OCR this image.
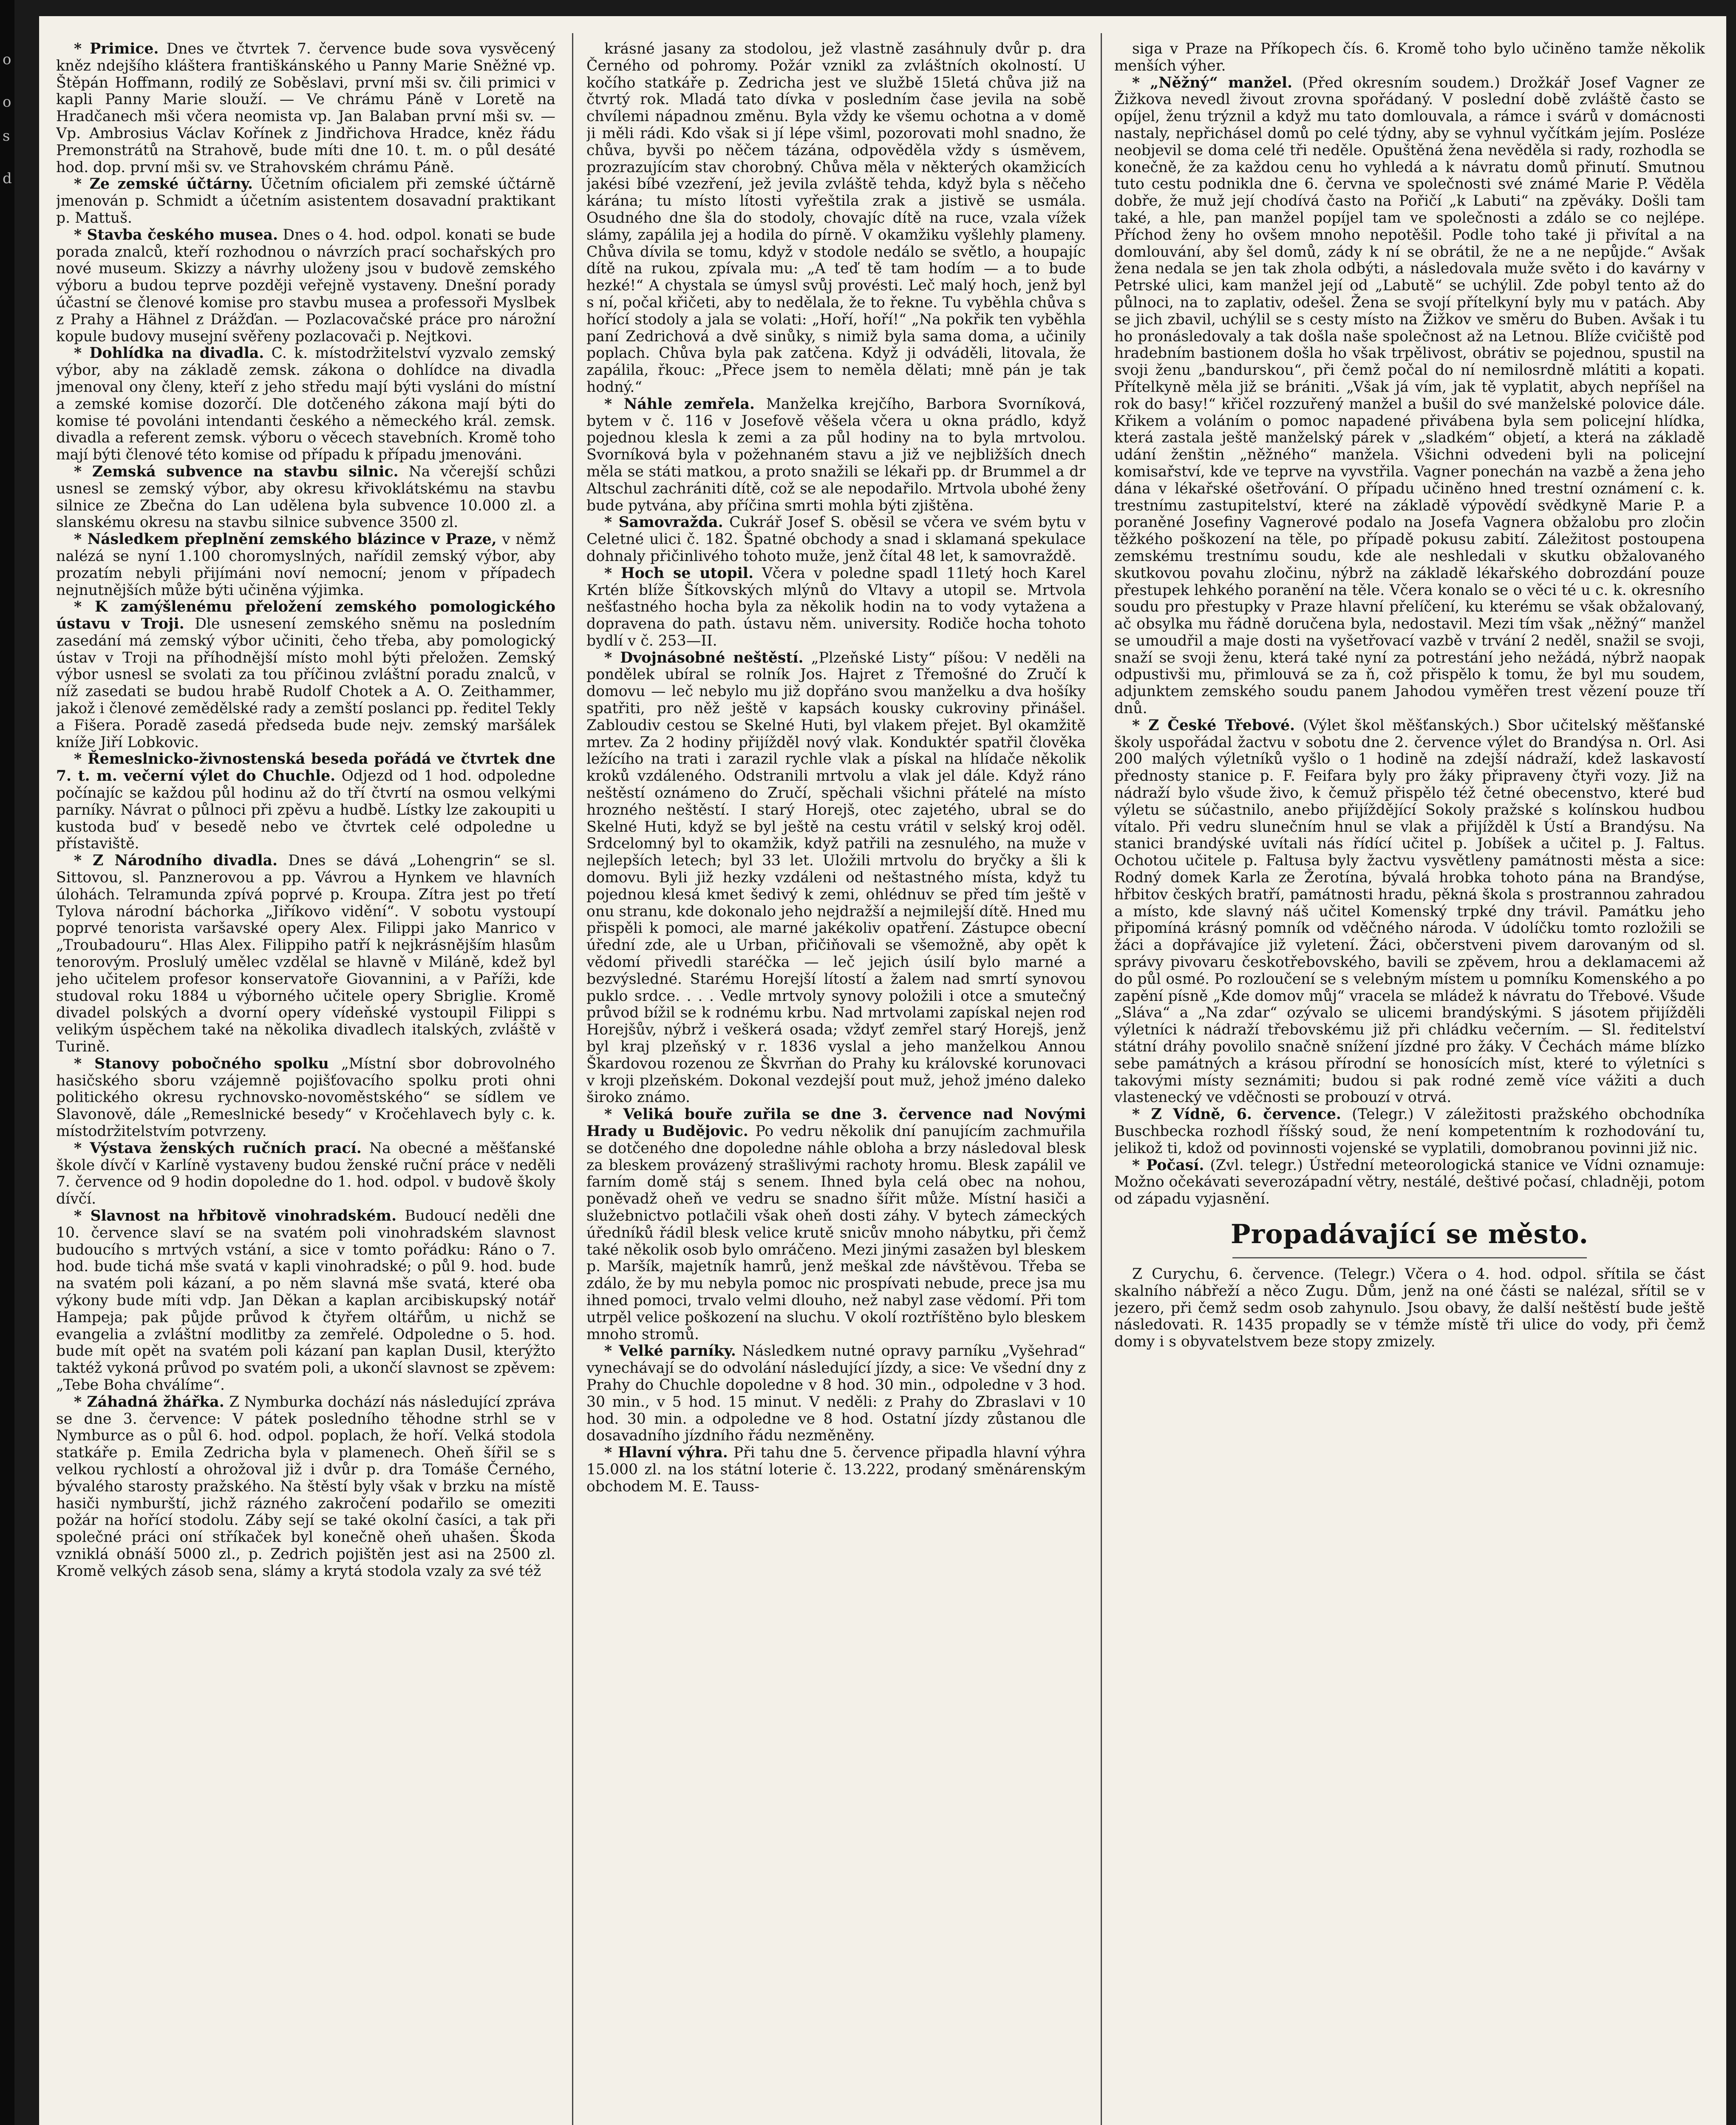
o
o
s
d

* Primice. Dnes ve čtvrtek 7. července bude sova vysvěcený kněz ndejšího kláštera františkánského u Panny Marie Sněžné vp. Štěpán Hoffmann, rodilý ze Soběslavi, první mši sv. čili primici v kapli Panny Marie slouží. — Ve chrámu Páně v Loretě na Hradčanech mši včera neomista vp. Jan Balaban první mši sv. — Vp. Ambrosius Václav Kořínek z Jindřichova Hradce, kněz řádu Premonstrátů na Strahově, bude míti dne 10. t. m. o půl desáté hod. dop. první mši sv. ve Strahovském chrámu Páně.

* Ze zemské účtárny. Účetním oficialem při zemské účtárně jmenován p. Schmidt a účetním asistentem dosavadní praktikant p. Mattuš.

* Stavba českého musea. Dnes o 4. hod. odpol. konati se bude porada znalců, kteří rozhodnou o návrzích prací sochařských pro nové museum. Skizzy a návrhy uloženy jsou v budově zemského výboru a budou teprve později veřejně vystaveny. Dnešní porady účastní se členové komise pro stavbu musea a professoři Myslbek z Prahy a Hähnel z Drážďan. — Pozlacovačské práce pro nárožní kopule budovy musejní svěřeny pozlacovači p. Nejtkovi.

* Dohlídka na divadla. C. k. místodržitelství vyzvalo zemský výbor, aby na základě zemsk. zákona o dohlídce na divadla jmenoval ony členy, kteří z jeho středu mají býti vysláni do místní a zemské komise dozorčí. Dle dotčeného zákona mají býti do komise té povoláni intendanti českého a německého král. zemsk. divadla a referent zemsk. výboru o věcech stavebních. Kromě toho mají býti členové této komise od případu k případu jmenováni.

* Zemská subvence na stavbu silnic. Na včerejší schůzi usnesl se zemský výbor, aby okresu křivoklátskému na stavbu silnice ze Zbečna do Lan udělena byla subvence 10.000 zl. a slanskému okresu na stavbu silnice subvence 3500 zl.

* Následkem přeplnění zemského blázince v Praze, v němž nalézá se nyní 1.100 choromyslných, nařídil zemský výbor, aby prozatím nebyli přijímáni noví nemocní; jenom v případech nejnutnějších může býti učiněna výjimka.

* K zamýšlenému přeložení zemského pomologického ústavu v Troji. Dle usnesení zemského sněmu na posledním zasedání má zemský výbor učiniti, čeho třeba, aby pomologický ústav v Troji na příhodnější místo mohl býti přeložen. Zemský výbor usnesl se svolati za tou příčinou zvláštní poradu znalců, v níž zasedati se budou hrabě Rudolf Chotek a A. O. Zeithammer, jakož i členové zemědělské rady a zemští poslanci pp. ředitel Tekly a Fišera. Poradě zasedá předseda bude nejv. zemský maršálek kníže Jiří Lobkovic.

* Řemeslnicko-živnostenská beseda pořádá ve čtvrtek dne 7. t. m. večerní výlet do Chuchle. Odjezd od 1 hod. odpoledne počínajíc se každou půl hodinu až do tří čtvrtí na osmou velkými parníky. Návrat o půlnoci při zpěvu a hudbě. Lístky lze zakoupiti u kustoda buď v besedě nebo ve čtvrtek celé odpoledne u přístaviště.

* Z Národního divadla. Dnes se dává „Lohengrin“ se sl. Sittovou, sl. Panznerovou a pp. Vávrou a Hynkem ve hlavních úlohách. Telramunda zpívá poprvé p. Kroupa. Zítra jest po třetí Tylova národní báchorka „Jiříkovo vidění“. V sobotu vystoupí poprvé tenorista varšavské opery Alex. Filippi jako Manrico v „Troubadouru“. Hlas Alex. Filippiho patří k nejkrásnějším hlasům tenorovým. Proslulý umělec vzdělal se hlavně v Miláně, kdež byl jeho učitelem profesor konservatoře Giovannini, a v Paříži, kde studoval roku 1884 u výborného učitele opery Sbriglie. Kromě divadel polských a dvorní opery vídeňské vystoupil Filippi s velikým úspěchem také na několika divadlech italských, zvláště v Turině.

* Stanovy pobočného spolku „Místní sbor dobrovolného hasičského sboru vzájemně pojišťovacího spolku proti ohni politického okresu rychnovsko-novoměstského“ se sídlem ve Slavonově, dále „Remeslnické besedy“ v Kročehlavech byly c. k. místodržitelstvím potvrzeny.

* Výstava ženských ručních prací. Na obecné a měšťanské škole dívčí v Karlíně vystaveny budou ženské ruční práce v neděli 7. července od 9 hodin dopoledne do 1. hod. odpol. v budově školy dívčí.

* Slavnost na hřbitově vinohradském. Budoucí neděli dne 10. července slaví se na svatém poli vinohradském slavnost budoucího s mrtvých vstání, a sice v tomto pořádku: Ráno o 7. hod. bude tichá mše svatá v kapli vinohradské; o půl 9. hod. bude na svatém poli kázaní, a po něm slavná mše svatá, které oba výkony bude míti vdp. Jan Děkan a kaplan arcibiskupský notář Hampeja; pak půjde průvod k čtyřem oltářům, u nichž se evangelia a zvláštní modlitby za zemřelé. Odpoledne o 5. hod. bude mít opět na svatém poli kázaní pan kaplan Dusil, kterýžto taktéž vykoná průvod po svatém poli, a ukončí slavnost se zpěvem: „Tebe Boha chválíme“.

* Záhadná žhářka. Z Nymburka dochází nás následující zpráva se dne 3. července: V pátek posledního těhodne strhl se v Nymburce as o půl 6. hod. odpol. poplach, že hoří. Velká stodola statkáře p. Emila Zedricha byla v plamenech. Oheň šířil se s velkou rychlostí a ohrožoval již i dvůr p. dra Tomáše Černého, bývalého starosty pražského. Na štěstí byly však v brzku na místě hasiči nymburští, jichž rázného zakročení podařilo se omeziti požár na hořící stodolu. Záby sejí se také okolní časíci, a tak při společné práci oní stříkaček byl konečně oheň uhašen. Škoda vzniklá obnáší 5000 zl., p. Zedrich pojištěn jest asi na 2500 zl. Kromě velkých zásob sena, slámy a krytá stodola vzaly za své též

krásné jasany za stodolou, jež vlastně zasáhnuly dvůr p. dra Černého od pohromy. Požár vznikl za zvláštních okolností. U kočího statkáře p. Zedricha jest ve službě 15letá chůva již na čtvrtý rok. Mladá tato dívka v posledním čase jevila na sobě chvílemi nápadnou změnu. Byla vždy ke všemu ochotna a v domě ji měli rádi. Kdo však si jí lépe všiml, pozorovati mohl snadno, že chůva, byvši po něčem tázána, odpověděla vždy s úsměvem, prozrazujícím stav chorobný. Chůva měla v některých okamžicích jakési bíbé vzezření, jež jevila zvláště tehda, když byla s něčeho kárána; tu místo lítosti vyřeštila zrak a jistivě se usmála. Osudného dne šla do stodoly, chovajíc dítě na ruce, vzala vížek slámy, zapálila jej a hodila do pírně. V okamžiku vyšlehly plameny. Chůva dívila se tomu, když v stodole nedálo se světlo, a houpajíc dítě na rukou, zpívala mu: „A teď tě tam hodím — a to bude hezké!“ A chystala se úmysl svůj provésti. Leč malý hoch, jenž byl s ní, počal křičeti, aby to nedělala, že to řekne. Tu vyběhla chůva s hořící stodoly a jala se volati: „Hoří, hoří!“ „Na pokřik ten vyběhla paní Zedrichová a dvě sinůky, s nimiž byla sama doma, a učinily poplach. Chůva byla pak zatčena. Když ji odváděli, litovala, že zapálila, řkouc: „Přece jsem to neměla dělati; mně pán je tak hodný.“

* Náhle zemřela. Manželka krejčího, Barbora Svorníková, bytem v č. 116 v Josefově věšela včera u okna prádlo, když pojednou klesla k zemi a za půl hodiny na to byla mrtvolou. Svorníková byla v požehnaném stavu a již ve nejbližších dnech měla se státi matkou, a proto snažili se lékaři pp. dr Brummel a dr Altschul zachrániti dítě, což se ale nepodařilo. Mrtvola ubohé ženy bude pytvána, aby příčina smrti mohla býti zjištěna.

* Samovražda. Cukrář Josef S. oběsil se včera ve svém bytu v Celetné ulici č. 182. Špatné obchody a snad i sklamaná spekulace dohnaly přičinlivého tohoto muže, jenž čítal 48 let, k samovraždě.

* Hoch se utopil. Včera v poledne spadl 11letý hoch Karel Krtén blíže Šítkovských mlýnů do Vltavy a utopil se. Mrtvola nešťastného hocha byla za několik hodin na to vody vytažena a dopravena do path. ústavu něm. university. Rodiče hocha tohoto bydlí v č. 253—II.

* Dvojnásobné neštěstí. „Plzeňské Listy“ píšou: V neděli na pondělek ubíral se rolník Jos. Hajret z Třemošné do Zručí k domovu — leč nebylo mu již dopřáno svou manželku a dva hošíky spatřiti, pro něž ještě v kapsách kousky cukroviny přinášel. Zabloudiv cestou se Skelné Huti, byl vlakem přejet. Byl okamžitě mrtev. Za 2 hodiny přijížděl nový vlak. Konduktér spatřil člověka ležícího na trati i zarazil rychle vlak a pískal na hlídače několik kroků vzdáleného. Odstranili mrtvolu a vlak jel dále. Když ráno neštěstí oznámeno do Zručí, spěchali všichni přátelé na místo hrozného neštěstí. I starý Horejš, otec zajetého, ubral se do Skelné Huti, když se byl ještě na cestu vrátil v selský kroj oděl. Srdcelomný byl to okamžik, když patřili na zesnulého, na muže v nejlepších letech; byl 33 let. Uložili mrtvolu do bryčky a šli k domovu. Byli již hezky vzdáleni od neštastného místa, když tu pojednou klesá kmet šedivý k zemi, ohlédnuv se před tím ještě v onu stranu, kde dokonalo jeho nejdražší a nejmilejší dítě. Hned mu přispěli k pomoci, ale marné jakékoliv opatření. Zástupce obecní úřední zde, ale u Urban, přičiňovali se všemožně, aby opět k vědomí přivedli staréčka — leč jejich úsilí bylo marné a bezvýsledné. Starému Horejší lítostí a žalem nad smrtí synovou puklo srdce. . . . Vedle mrtvoly synovy položili i otce a smutečný průvod bížil se k rodnému krbu. Nad mrtvolami zapískal nejen rod Horejšův, nýbrž i veškerá osada; vždyť zemřel starý Horejš, jenž byl kraj plzeňský v r. 1836 vyslal a jeho manželkou Annou Škardovou rozenou ze Škvrňan do Prahy ku královské korunovaci v kroji plzeňském. Dokonal vezdejší pout muž, jehož jméno daleko široko známo.

* Veliká bouře zuřila se dne 3. července nad Novými Hrady u Budějovic. Po vedru několik dní panujícím zachmuřila se dotčeného dne dopoledne náhle obloha a brzy následoval blesk za bleskem provázený strašlivými rachoty hromu. Blesk zapálil ve farním domě stáj s senem. Ihned byla celá obec na nohou, poněvadž oheň ve vedru se snadno šířit může. Místní hasiči a služebnictvo potlačili však oheň dosti záhy. V bytech zámeckých úředníků řádil blesk velice krutě snicův mnoho nábytku, při čemž také několik osob bylo omráčeno. Mezi jinými zasažen byl bleskem p. Maršík, majetník hamrů, jenž meškal zde návštěvou. Třeba se zdálo, že by mu nebyla pomoc nic prospívati nebude, prece jsa mu ihned pomoci, trvalo velmi dlouho, než nabyl zase vědomí. Při tom utrpěl velice poškození na sluchu. V okolí roztříštěno bylo bleskem mnoho stromů.

* Velké parníky. Následkem nutné opravy parníku „Vyšehrad“ vynechávají se do odvolání následující jízdy, a sice: Ve všední dny z Prahy do Chuchle dopoledne v 8 hod. 30 min., odpoledne v 3 hod. 30 min., v 5 hod. 15 minut. V neděli: z Prahy do Zbraslavi v 10 hod. 30 min. a odpoledne ve 8 hod. Ostatní jízdy zůstanou dle dosavadního jízdního řádu nezměněny.

* Hlavní výhra. Při tahu dne 5. července připadla hlavní výhra 15.000 zl. na los státní loterie č. 13.222, prodaný směnárenským obchodem M. E. Tauss-

siga v Praze na Příkopech čís. 6. Kromě toho bylo učiněno tamže několik menších výher.

* „Něžný“ manžel. (Před okresním soudem.) Drožkář Josef Vagner ze Žižkova nevedl živout zrovna spořádaný. V poslední době zvláště často se opíjel, ženu trýznil a když mu tato domlouvala, a rámce i svárů v domácnosti nastaly, nepřichásel domů po celé týdny, aby se vyhnul vyčítkám jejím. Posléze neobjevil se doma celé tři neděle. Opuštěná žena nevěděla si rady, rozhodla se konečně, že za každou cenu ho vyhledá a k návratu domů přinutí. Smutnou tuto cestu podnikla dne 6. června ve společnosti své známé Marie P. Věděla dobře, že muž její chodívá často na Pořičí „k Labuti“ na zpěváky. Došli tam také, a hle, pan manžel popíjel tam ve společnosti a zdálo se co nejlépe. Příchod ženy ho ovšem mnoho nepotěšil. Podle toho také ji přivítal a na domlouvání, aby šel domů, zády k ní se obrátil, že ne a ne nepůjde.“ Avšak žena nedala se jen tak zhola odbýti, a následovala muže světo i do kavárny v Petrské ulici, kam manžel její od „Labutě“ se uchýlil. Zde pobyl tento až do půlnoci, na to zaplativ, odešel. Žena se svojí přítelkyní byly mu v patách. Aby se jich zbavil, uchýlil se s cesty místo na Žižkov ve směru do Buben. Avšak i tu ho pronásledovaly a tak došla naše společnost až na Letnou. Blíže cvičiště pod hradebním bastionem došla ho však trpělivost, obrátiv se pojednou, spustil na svoji ženu „bandurskou“, při čemž počal do ní nemilosrdně mlátiti a kopati. Přítelkyně měla již se brániti. „Však já vím, jak tě vyplatit, abych nepříšel na rok do basy!“ křičel rozzuřený manžel a bušil do své manželské polovice dále. Křikem a voláním o pomoc napadené přivábena byla sem policejní hlídka, která zastala ještě manželský párek v „sladkém“ objetí, a která na základě udání ženštin „něžného“ manžela. Všichni odvedeni byli na policejní komisařství, kde ve teprve na vyvstřila. Vagner ponechán na vazbě a žena jeho dána v lékařské ošetřování. O případu učiněno hned trestní oznámení c. k. trestnímu zastupitelství, které na základě výpovědí svědkyně Marie P. a poraněné Josefiny Vagnerové podalo na Josefa Vagnera obžalobu pro zločin těžkého poškození na těle, po případě pokusu zabití. Záležitost postoupena zemskému trestnímu soudu, kde ale neshledali v skutku obžalovaného skutkovou povahu zločinu, nýbrž na základě lékařského dobrozdání pouze přestupek lehkého poranění na těle. Včera konalo se o věci té u c. k. okresního soudu pro přestupky v Praze hlavní přelíčení, ku kterému se však obžalovaný, ač obsylka mu řádně doručena byla, nedostavil. Mezi tím však „něžný“ manžel se umoudřil a maje dosti na vyšetřovací vazbě v trvání 2 neděl, snažil se svoji, snaží se svoji ženu, která také nyní za potrestání jeho nežádá, nýbrž naopak odpustivši mu, přimlouvá se za ň, což přispělo k tomu, že byl mu soudem, adjunktem zemského soudu panem Jahodou vyměřen trest vězení pouze tří dnů.

* Z České Třebové. (Výlet škol měšťanských.) Sbor učitelský měšťanské školy uspořádal žactvu v sobotu dne 2. července výlet do Brandýsa n. Orl. Asi 200 malých výletníků vyšlo o 1 hodině na zdejší nádraží, kdež laskavostí přednosty stanice p. F. Feifara byly pro žáky připraveny čtyři vozy. Již na nádraží bylo všude živo, k čemuž přispělo též četné obecenstvo, které bud výletu se súčastnilo, anebo přijíždějící Sokoly pražské s kolínskou hudbou vítalo. Při vedru slunečním hnul se vlak a přijížděl k Ústí a Brandýsu. Na stanici brandýské uvítali nás řídící učitel p. Jobíšek a učitel p. J. Faltus. Ochotou učitele p. Faltusa byly žactvu vysvětleny památnosti města a sice: Rodný domek Karla ze Žerotína, bývalá hrobka tohoto pána na Brandýse, hřbitov českých bratří, památnosti hradu, pěkná škola s prostrannou zahradou a místo, kde slavný náš učitel Komenský trpké dny trávil. Památku jeho připomíná krásný pomník od vděčného národa. V údolíčku tomto rozložili se žáci a dopřávajíce již vyletení. Žáci, občerstveni pivem darovaným od sl. správy pivovaru českotřebovského, bavili se zpěvem, hrou a deklamacemi až do půl osmé. Po rozloučení se s velebným místem u pomníku Komenského a po zapění písně „Kde domov můj“ vracela se mládež k návratu do Třebové. Všude „Sláva“ a „Na zdar“ ozývalo se ulicemi brandýskými. S jásotem přijížděli výletníci k nádraží třebovskému již při chládku večerním. — Sl. ředitelství státní dráhy povolilo snačně snížení jízdné pro žáky. V Čechách máme blízko sebe památných a krásou přírodní se honosících míst, které to výletníci s takovými místy seznámiti; budou si pak rodné země více vážiti a duch vlastenecký ve vděčnosti se probouzí v otrvá.

* Z Vídně, 6. července. (Telegr.) V záležitosti pražského obchodníka Buschbecka rozhodl říšský soud, že není kompetentním k rozhodování tu, jelikož ti, kdož od povinnosti vojenské se vyplatili, domobranou povinni již nic.

* Počasí. (Zvl. telegr.) Ústřední meteorologická stanice ve Vídni oznamuje: Možno očekávati severozápadní větry, nestálé, deštivé počasí, chladněji, potom od západu vyjasnění.

Propadávající se město.

Z Curychu, 6. července. (Telegr.) Včera o 4. hod. odpol. sřítila se část skalního nábřeží a něco Zugu. Dům, jenž na oné části se nalézal, sřítil se v jezero, při čemž sedm osob zahynulo. Jsou obavy, že další neštěstí bude ještě následovati. R. 1435 propadly se v témže místě tři ulice do vody, při čemž domy i s obyvatelstvem beze stopy zmizely.
